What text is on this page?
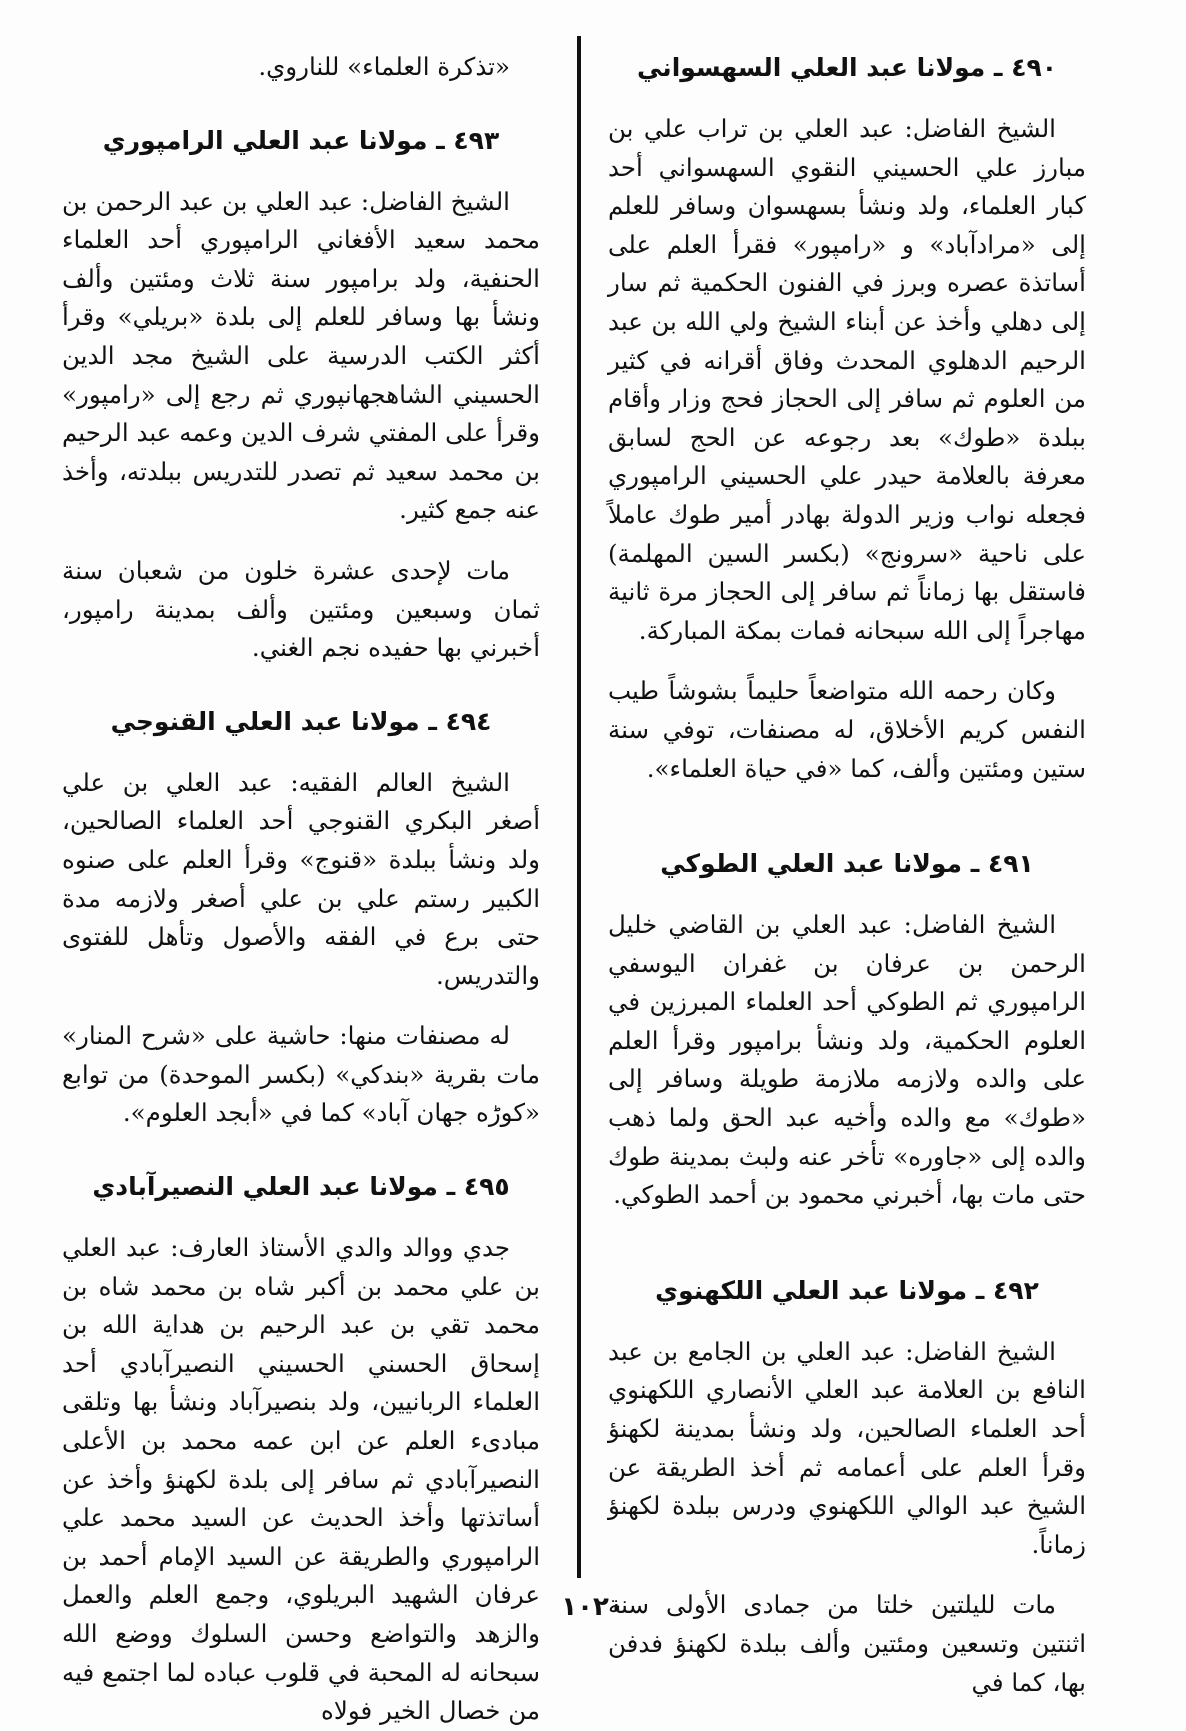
٤٩٠ ـ مولانا عبد العلي السهسواني

الشيخ الفاضل: عبد العلي بن تراب علي بن مبارز علي الحسيني النقوي السهسواني أحد كبار العلماء، ولد ونشأ بسهسوان وسافر للعلم إلى «مرادآباد» و «رامپور» فقرأ العلم على أساتذة عصره وبرز في الفنون الحكمية ثم سار إلى دهلي وأخذ عن أبناء الشيخ ولي الله بن عبد الرحيم الدهلوي المحدث وفاق أقرانه في كثير من العلوم ثم سافر إلى الحجاز فحج وزار وأقام ببلدة «طوك» بعد رجوعه عن الحج لسابق معرفة بالعلامة حيدر علي الحسيني الرامپوري فجعله نواب وزير الدولة بهادر أمير طوك عاملاً على ناحية «سرونج» (بكسر السين المهلمة) فاستقل بها زماناً ثم سافر إلى الحجاز مرة ثانية مهاجراً إلى الله سبحانه فمات بمكة المباركة.

وكان رحمه الله متواضعاً حليماً بشوشاً طيب النفس كريم الأخلاق، له مصنفات، توفي سنة ستين ومئتين وألف، كما «في حياة العلماء».

٤٩١ ـ مولانا عبد العلي الطوكي

الشيخ الفاضل: عبد العلي بن القاضي خليل الرحمن بن عرفان بن غفران اليوسفي الرامپوري ثم الطوكي أحد العلماء المبرزين في العلوم الحكمية، ولد ونشأ برامپور وقرأ العلم على والده ولازمه ملازمة طويلة وسافر إلى «طوك» مع والده وأخيه عبد الحق ولما ذهب والده إلى «جاوره» تأخر عنه ولبث بمدينة طوك حتى مات بها، أخبرني محمود بن أحمد الطوكي.

٤٩٢ ـ مولانا عبد العلي اللكهنوي

الشيخ الفاضل: عبد العلي بن الجامع بن عبد النافع بن العلامة عبد العلي الأنصاري اللكهنوي أحد العلماء الصالحين، ولد ونشأ بمدينة لكهنؤ وقرأ العلم على أعمامه ثم أخذ الطريقة عن الشيخ عبد الوالي اللكهنوي ودرس ببلدة لكهنؤ زماناً.

مات لليلتين خلتا من جمادى الأولى سنة اثنتين وتسعين ومئتين وألف ببلدة لكهنؤ فدفن بها، كما في

«تذكرة العلماء» للناروي.

٤٩٣ ـ مولانا عبد العلي الرامپوري

الشيخ الفاضل: عبد العلي بن عبد الرحمن بن محمد سعيد الأفغاني الرامپوري أحد العلماء الحنفية، ولد برامپور سنة ثلاث ومئتين وألف ونشأ بها وسافر للعلم إلى بلدة «بريلي» وقرأ أكثر الكتب الدرسية على الشيخ مجد الدين الحسيني الشاهجهانپوري ثم رجع إلى «رامپور» وقرأ على المفتي شرف الدين وعمه عبد الرحيم بن محمد سعيد ثم تصدر للتدريس ببلدته، وأخذ عنه جمع كثير.

مات لإحدى عشرة خلون من شعبان سنة ثمان وسبعين ومئتين وألف بمدينة رامپور، أخبرني بها حفيده نجم الغني.

٤٩٤ ـ مولانا عبد العلي القنوجي

الشيخ العالم الفقيه: عبد العلي بن علي أصغر البكري القنوجي أحد العلماء الصالحين، ولد ونشأ ببلدة «قنوج» وقرأ العلم على صنوه الكبير رستم علي بن علي أصغر ولازمه مدة حتى برع في الفقه والأصول وتأهل للفتوى والتدريس.

له مصنفات منها: حاشية على «شرح المنار» مات بقرية «بندكي» (بكسر الموحدة) من توابع «كوڑه جهان آباد» كما في «أبجد العلوم».

٤٩٥ ـ مولانا عبد العلي النصيرآبادي

جدي ووالد والدي الأستاذ العارف: عبد العلي بن علي محمد بن أكبر شاه بن محمد شاه بن محمد تقي بن عبد الرحيم بن هداية الله بن إسحاق الحسني الحسيني النصيرآبادي أحد العلماء الربانيين، ولد بنصيرآباد ونشأ بها وتلقى مبادىء العلم عن ابن عمه محمد بن الأعلى النصيرآبادي ثم سافر إلى بلدة لكهنؤ وأخذ عن أساتذتها وأخذ الحديث عن السيد محمد علي الرامپوري والطريقة عن السيد الإمام أحمد بن عرفان الشهيد البريلوي، وجمع العلم والعمل والزهد والتواضع وحسن السلوك ووضع الله سبحانه له المحبة في قلوب عباده لما اجتمع فيه من خصال الخير فولاه

١٠٢٠
